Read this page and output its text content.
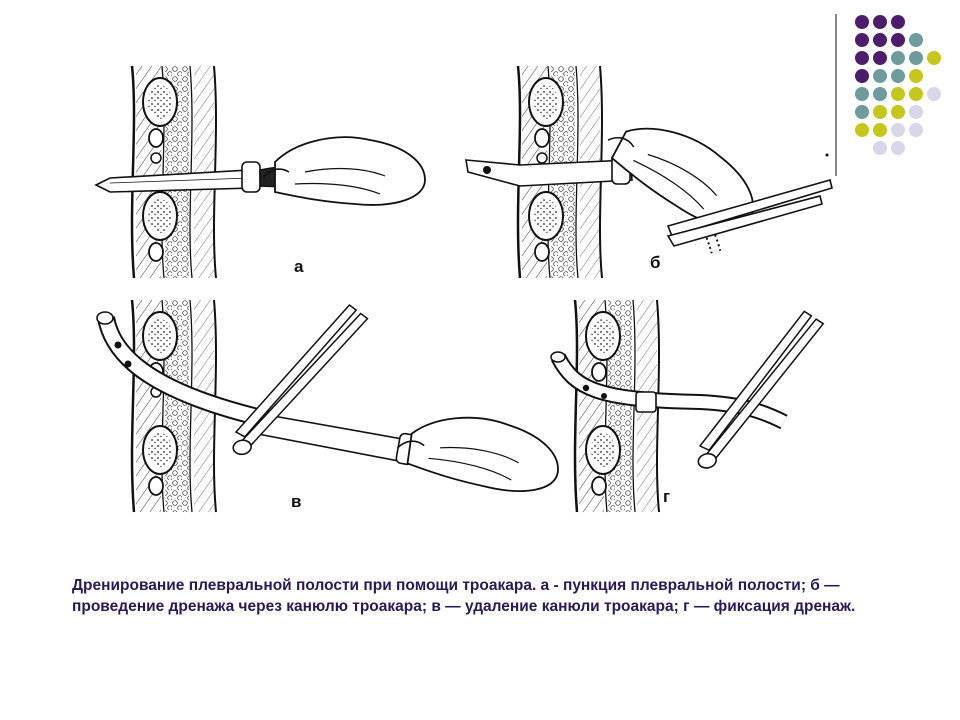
а	б
в	г
Дренирование плевральной полости при помощи троакара. а - пункция плевральной полости; б — проведение дренажа через канюлю троакара; в — удаление канюли троакара; г — фиксация дренаж.
